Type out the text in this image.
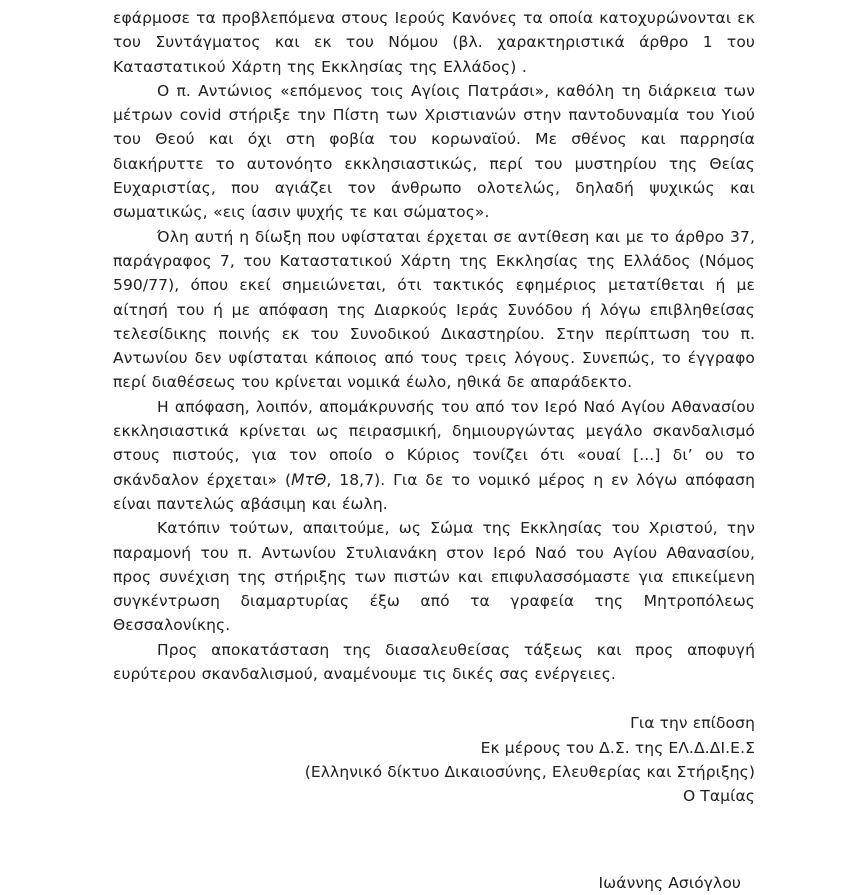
εφάρμοσε τα προβλεπόμενα στους Ιερούς Κανόνες τα οποία κατοχυρώνονται εκ του Συντάγματος και εκ του Νόμου (βλ. χαρακτηριστικά άρθρο 1 του Καταστατικού Χάρτη της Εκκλησίας της Ελλάδος) .

Ο π. Αντώνιος «επόμενος τοις Αγίοις Πατράσι», καθόλη τη διάρκεια των μέτρων covid στήριξε την Πίστη των Χριστιανών στην παντοδυναμία του Υιού του Θεού και όχι στη φοβία του κορωναϊού. Με σθένος και παρρησία διακήρυττε το αυτονόητο εκκλησιαστικώς, περί του μυστηρίου της Θείας Ευχαριστίας, που αγιάζει τον άνθρωπο ολοτελώς, δηλαδή ψυχικώς και σωματικώς, «εις ίασιν ψυχής τε και σώματος».

Όλη αυτή η δίωξη που υφίσταται έρχεται σε αντίθεση και με το άρθρο 37, παράγραφος 7, του Καταστατικού Χάρτη της Εκκλησίας της Ελλάδος (Νόμος 590/77), όπου εκεί σημειώνεται, ότι τακτικός εφημέριος μετατίθεται ή με αίτησή του ή με απόφαση της Διαρκούς Ιεράς Συνόδου ή λόγω επιβληθείσας τελεσίδικης ποινής εκ του Συνοδικού Δικαστηρίου. Στην περίπτωση του π. Αντωνίου δεν υφίσταται κάποιος από τους τρεις λόγους. Συνεπώς, το έγγραφο περί διαθέσεως του κρίνεται νομικά έωλο, ηθικά δε απαράδεκτο.

Η απόφαση, λοιπόν, απομάκρυνσής του από τον Ιερό Ναό Αγίου Αθανασίου εκκλησιαστικά κρίνεται ως πειρασμική, δημιουργώντας μεγάλο σκανδαλισμό στους πιστούς, για τον οποίο ο Κύριος τονίζει ότι «ουαί [...] δι’ ου το σκάνδαλον έρχεται» (ΜτΘ, 18,7). Για δε το νομικό μέρος η εν λόγω απόφαση είναι παντελώς αβάσιμη και έωλη.

Κατόπιν τούτων, απαιτούμε, ως Σώμα της Εκκλησίας του Χριστού, την παραμονή του π. Αντωνίου Στυλιανάκη στον Ιερό Ναό του Αγίου Αθανασίου, προς συνέχιση της στήριξης των πιστών και επιφυλασσόμαστε για επικείμενη συγκέντρωση διαμαρτυρίας έξω από τα γραφεία της Μητροπόλεως Θεσσαλονίκης.

Προς αποκατάσταση της διασαλευθείσας τάξεως και προς αποφυγή ευρύτερου σκανδαλισμού, αναμένουμε τις δικές σας ενέργειες.

Για την επίδοση
Εκ μέρους του Δ.Σ. της ΕΛ.Δ.ΔΙ.Ε.Σ
(Ελληνικό δίκτυο Δικαιοσύνης, Ελευθερίας και Στήριξης)
Ο Ταμίας
Ιωάννης Ασιόγλου
